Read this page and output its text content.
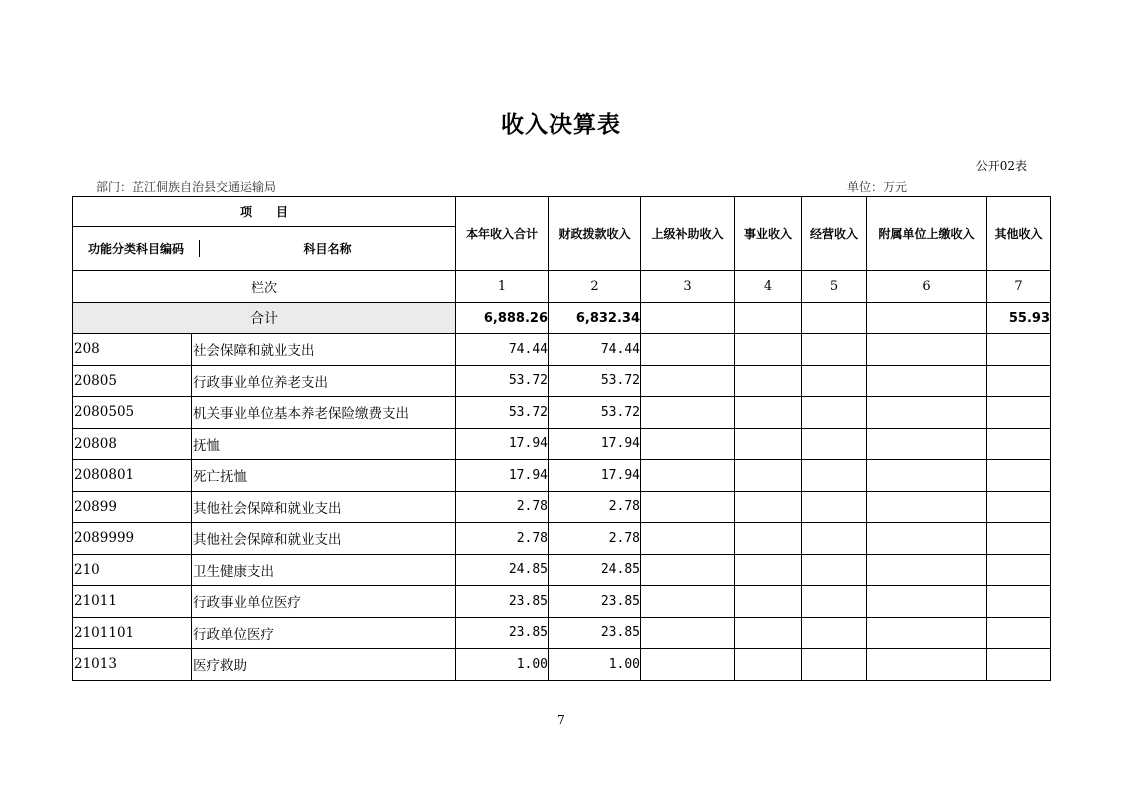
收入决算表
公开02表
部门：芷江侗族自治县交通运输局	单位：万元
项　　目	本年收入合计	财政拨款收入	上级补助收入	事业收入	经营收入	附属单位上缴收入	其他收入

功能分类科目编码 科目名称							

栏次	1	2	3	4	5	6	7
合计	6,888.26	6,832.34					55.93

208 社会保障和就业支出	74.44	74.44					

20805 行政事业单位养老支出	53.72	53.72					

2080505 机关事业单位基本养老保险缴费支出	53.72	53.72					

20808 抚恤	17.94	17.94					

2080801 死亡抚恤	17.94	17.94					

20899 其他社会保障和就业支出	2.78	2.78					

2089999 其他社会保障和就业支出	2.78	2.78					

210 卫生健康支出	24.85	24.85					

21011 行政事业单位医疗	23.85	23.85					

2101101 行政单位医疗	23.85	23.85					

21013 医疗救助	1.00	1.00					
7
